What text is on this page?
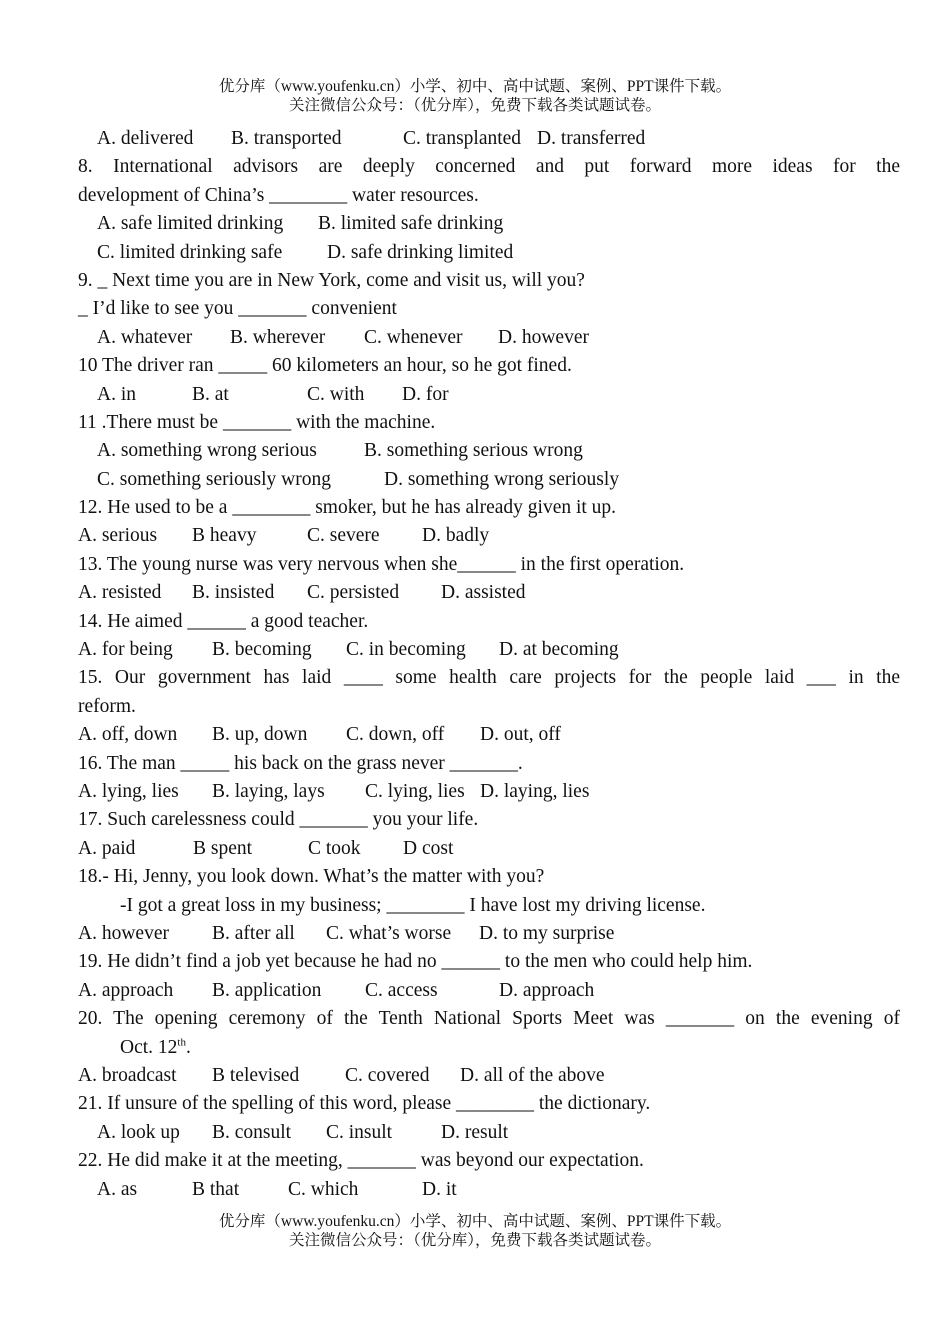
优分库（www.youfenku.cn）小学、初中、高中试题、案例、PPT课件下载。
关注微信公众号：（优分库），免费下载各类试题试卷。
A. delivered B. transported	C. transplanted D. transferred
8. International advisors are deeply concerned and put forward more ideas for the
development of China’s ________ water resources.
A. safe limited drinking B. limited safe drinking
C. limited drinking safe D. safe drinking limited
9. _ Next time you are in New York, come and visit us, will you?
_ I’d like to see you _______ convenient
A. whatever B. wherever C. whenever D. however
10 The driver ran _____ 60 kilometers an hour, so he got fined.
A. in	B. at	C. with D. for
11 .There must be _______ with the machine.
A. something wrong serious B. something serious wrong
C. something seriously wrong	D. something wrong seriously
12. He used to be a ________ smoker, but he has already given it up.
A. serious B heavy	C. severe D. badly
13. The young nurse was very nervous when she______ in the first operation.
A. resisted B. insisted C. persisted D. assisted
14. He aimed ______ a good teacher.
A. for being B. becoming C. in becoming D. at becoming
15. Our government has laid ____ some health care projects for the people laid ___ in the
reform.
A. off, down B. up, down C. down, off D. out, off
16. The man _____ his back on the grass never _______.
A. lying, lies B. laying, lays C. lying, lies D. laying, lies
17. Such carelessness could _______ you your life.
A. paid	B spent	C took D cost
18.- Hi, Jenny, you look down. What’s the matter with you?
-I got a great loss in my business; ________ I have lost my driving license.
A. however B. after all C. what’s worse D. to my surprise
19. He didn’t find a job yet because he had no ______ to the men who could help him.
A. approach B. application C. access	D. approach
20. The opening ceremony of the Tenth National Sports Meet was _______ on the evening of
Oct. 12th.
A. broadcast B televised C. covered D. all of the above
21. If unsure of the spelling of this word, please ________ the dictionary.
A. look up B. consult C. insult	D. result
22. He did make it at the meeting, _______ was beyond our expectation.
A. as	B that	C. which	D. it
优分库（www.youfenku.cn）小学、初中、高中试题、案例、PPT课件下载。
关注微信公众号：（优分库），免费下载各类试题试卷。
